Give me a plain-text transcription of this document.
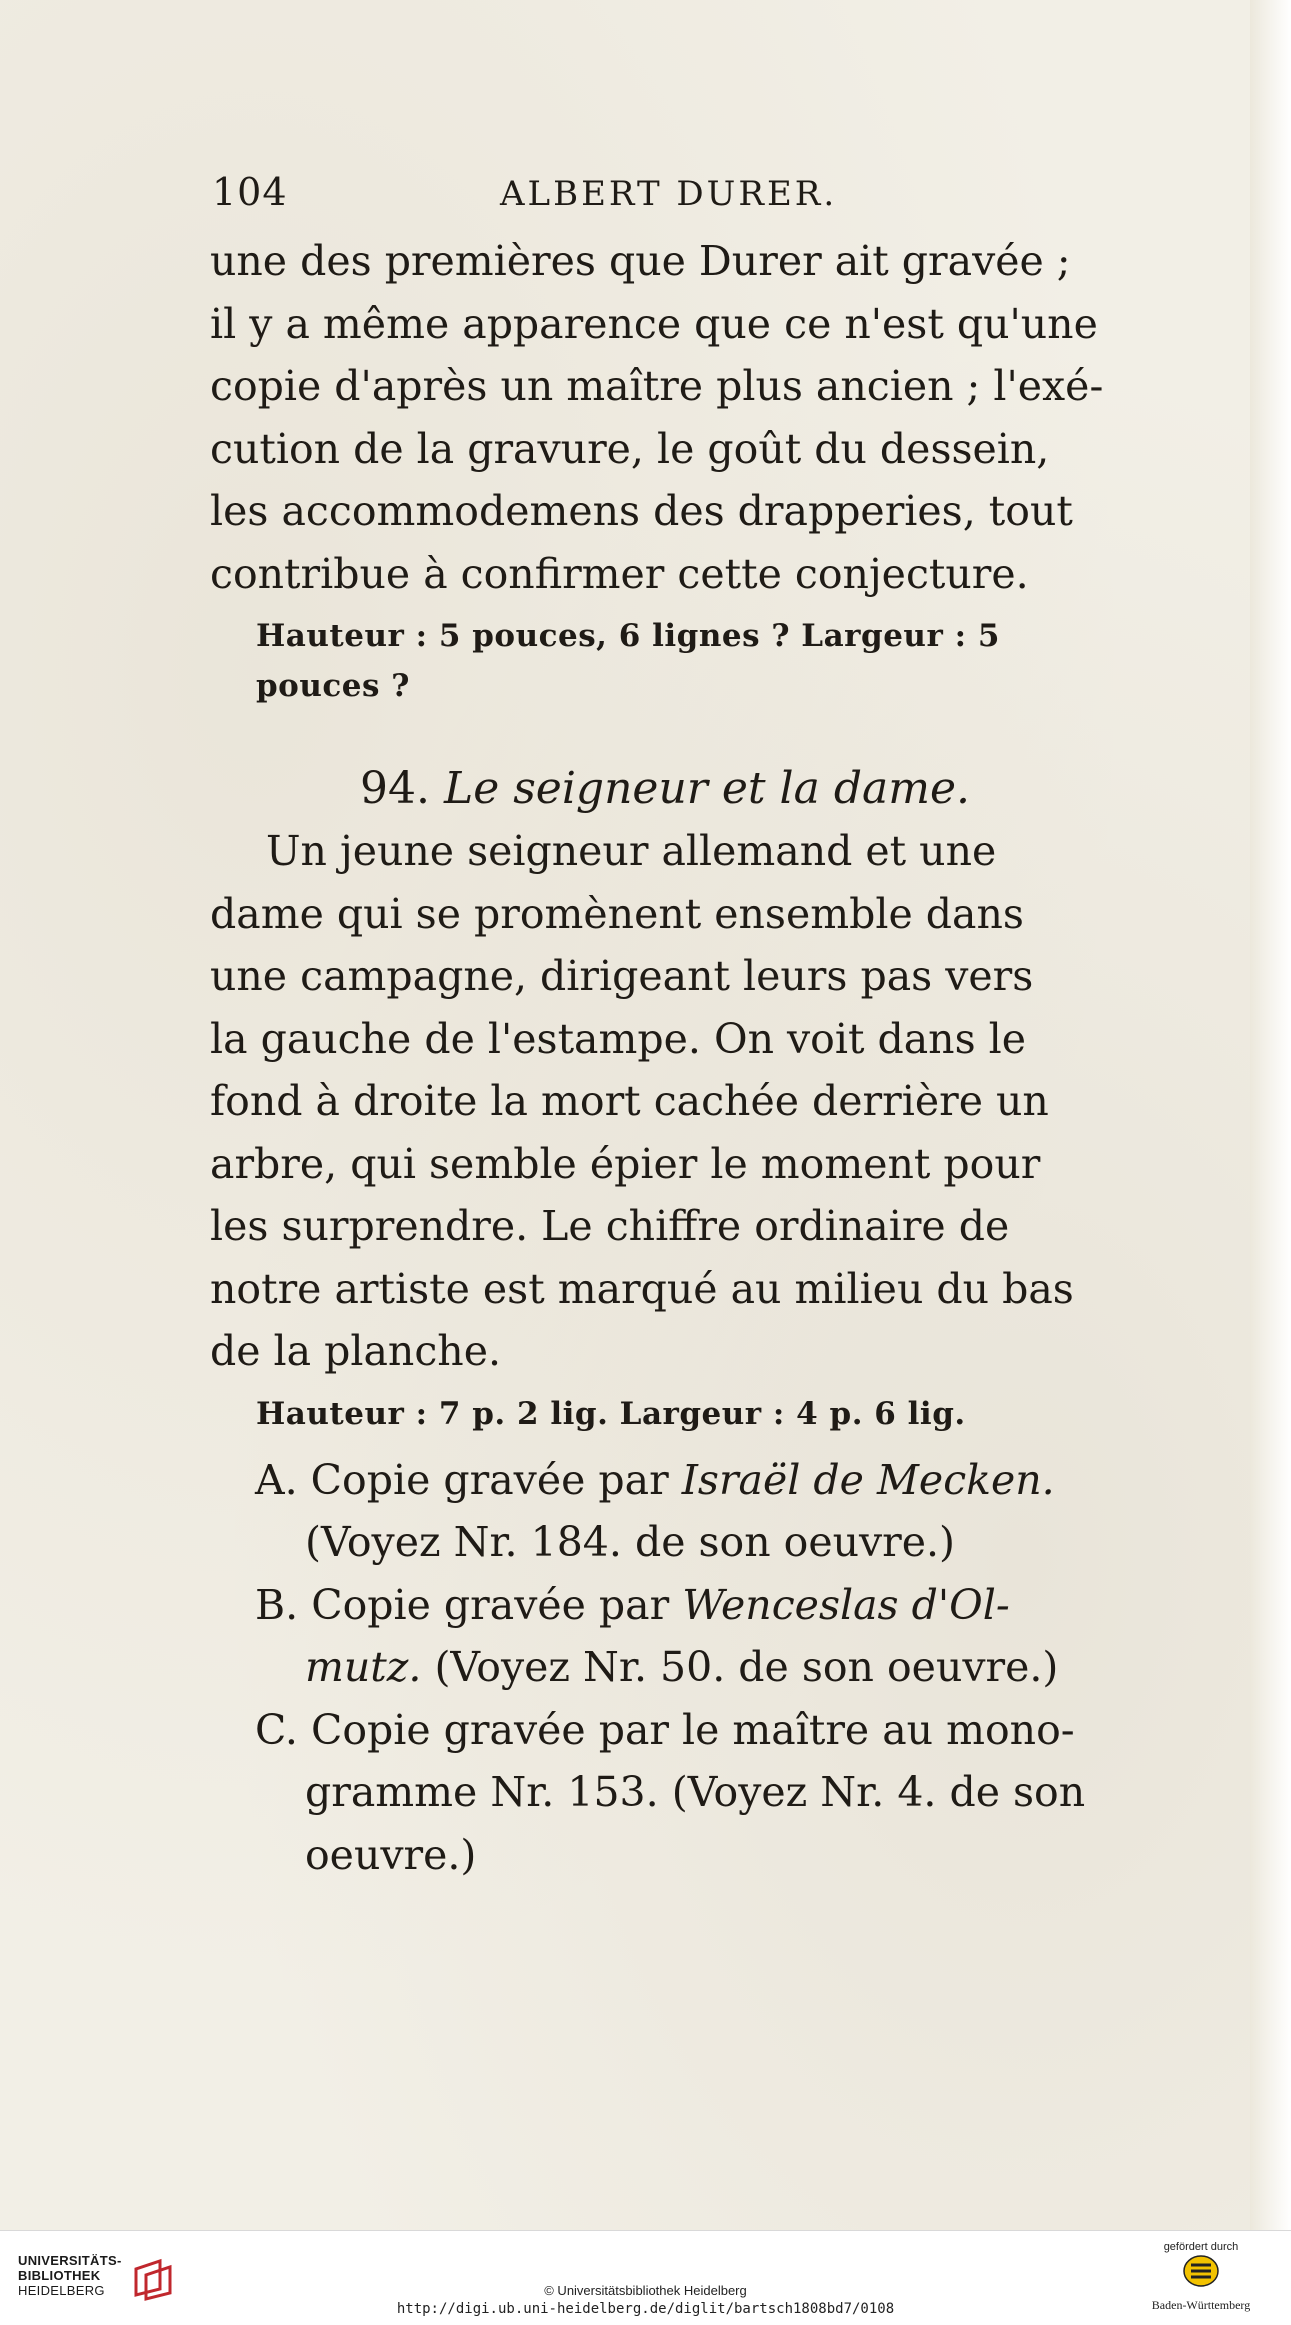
104	ALBERT DURER.

une des premières que Durer ait gravée ;
il y a même apparence que ce n'est qu'une
copie d'après un maître plus ancien ; l'exé-
cution de la gravure, le goût du dessein,
les accommodemens des drapperies, tout
contribue à confirmer cette conjecture.

Hauteur : 5 pouces, 6 lignes ? Largeur : 5 pouces ?
94. Le seigneur et la dame.

Un jeune seigneur allemand et une
dame qui se promènent ensemble dans
une campagne, dirigeant leurs pas vers
la gauche de l'estampe. On voit dans le
fond à droite la mort cachée derrière un
arbre, qui semble épier le moment pour
les surprendre. Le chiffre ordinaire de
notre artiste est marqué au milieu du bas
de la planche.

Hauteur : 7 p. 2 lig. Largeur : 4 p. 6 lig.
A. Copie gravée par Israël de Mecken.
(Voyez Nr. 184. de son oeuvre.)
B. Copie gravée par Wenceslas d'Ol-
mutz. (Voyez Nr. 50. de son oeuvre.)
C. Copie gravée par le maître au mono-
gramme Nr. 153. (Voyez Nr. 4. de son
oeuvre.)
UNIVERSITÄTS-
BIBLIOTHEK
HEIDELBERG	© Universitätsbibliothek Heidelberg
http://digi.ub.uni-heidelberg.de/diglit/bartsch1808bd7/0108
gefördert durch
Baden-Württemberg
